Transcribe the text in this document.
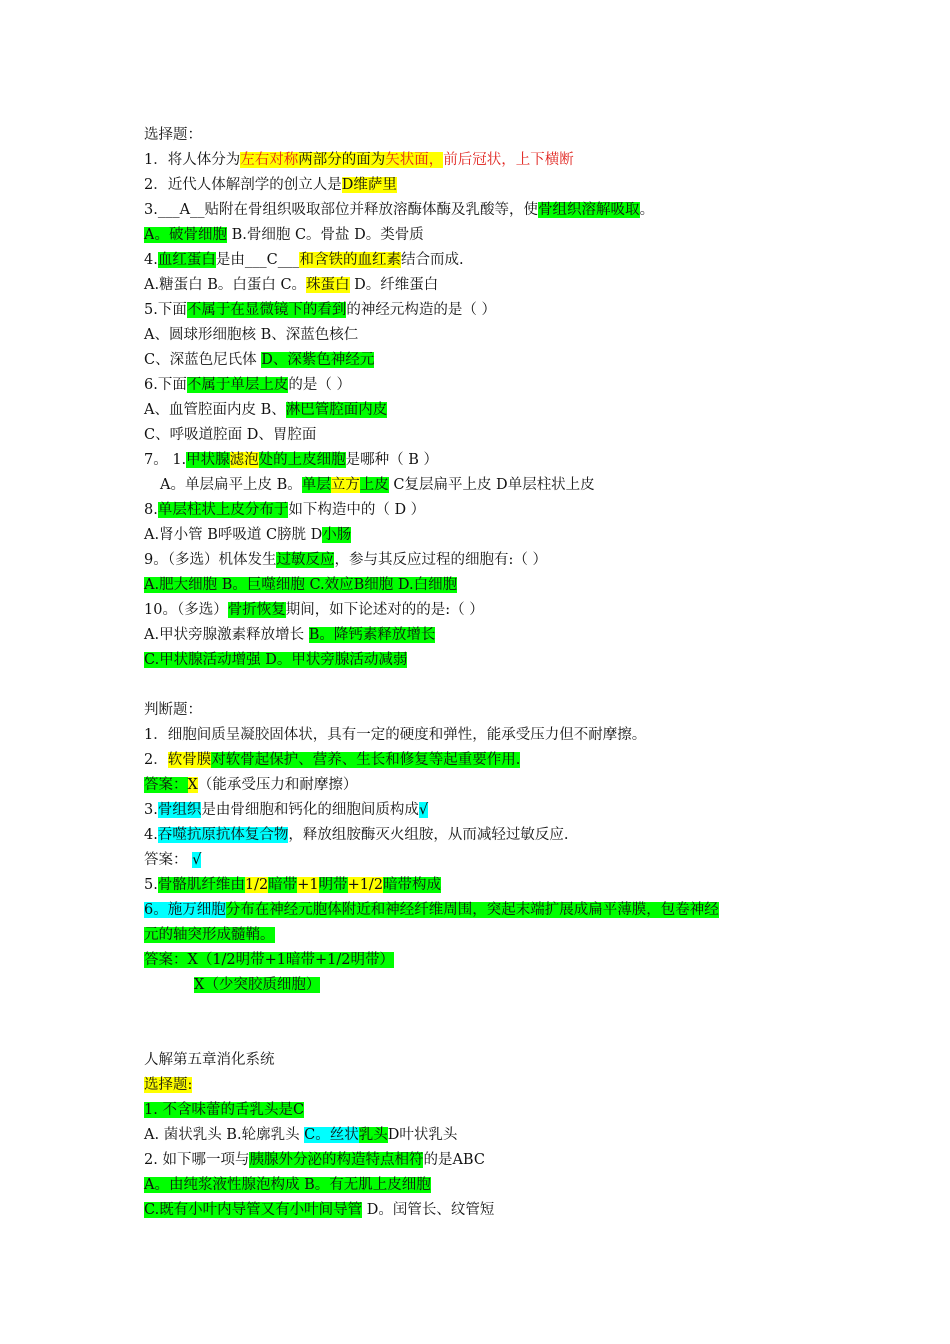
选择题：
1．将人体分为左右对称两部分的面为矢状面，前后冠状，上下横断
2．近代人体解剖学的创立人是D维萨里
3.___A__贴附在骨组织吸取部位并释放溶酶体酶及乳酸等，使骨组织溶解吸取。
A。破骨细胞 B.骨细胞 C。骨盐 D。类骨质
4.血红蛋白是由___C___和含铁的血红素结合而成.
A.糖蛋白 B。白蛋白 C。珠蛋白 D。纤维蛋白
5.下面不属于在显微镜下的看到的神经元构造的是（ ）
A、圆球形细胞核 B、深蓝色核仁
C、深蓝色尼氏体 D、深紫色神经元
6.下面不属于单层上皮的是（ ）
A、血管腔面内皮 B、淋巴管腔面内皮
C、呼吸道腔面 D、胃腔面
7。 1.甲状腺滤泡处的上皮细胞是哪种（ B ）
A。单层扁平上皮 B。单层立方上皮 C复层扁平上皮 D单层柱状上皮
8.单层柱状上皮分布于如下构造中的（ D ）
A.肾小管 B呼吸道 C膀胱 D小肠
9。（多选）机体发生过敏反应，参与其反应过程的细胞有:（ ）
A.肥大细胞 B。巨噬细胞 C.效应B细胞 D.白细胞
10。（多选）骨折恢复期间，如下论述对的的是:（ ）
A.甲状旁腺激素释放增长 B。降钙素释放增长
C.甲状腺活动增强 D。甲状旁腺活动减弱
判断题：
1．细胞间质呈凝胶固体状，具有一定的硬度和弹性，能承受压力但不耐摩擦。
2．软骨膜对软骨起保护、营养、生长和修复等起重要作用.
答案：X（能承受压力和耐摩擦）
3.骨组织是由骨细胞和钙化的细胞间质构成√
4.吞噬抗原抗体复合物，释放组胺酶灭火组胺，从而减轻过敏反应.
答案： √
5.骨骼肌纤维由1/2暗带+1明带+1/2暗带构成
6。施万细胞分布在神经元胞体附近和神经纤维周围，突起末端扩展成扁平薄膜，包卷神经
元的轴突形成髓鞘。
答案：X（1/2明带+1暗带+1/2明带）
X（少突胶质细胞）
人解第五章消化系统
选择题:
1. 不含味蕾的舌乳头是C
A. 菌状乳头 B.轮廓乳头 C。丝状乳头D叶状乳头
2. 如下哪一项与胰腺外分泌的构造特点相符的是ABC
A。由纯浆液性腺泡构成 B。有无肌上皮细胞
C.既有小叶内导管又有小叶间导管 D。闰管长、纹管短
